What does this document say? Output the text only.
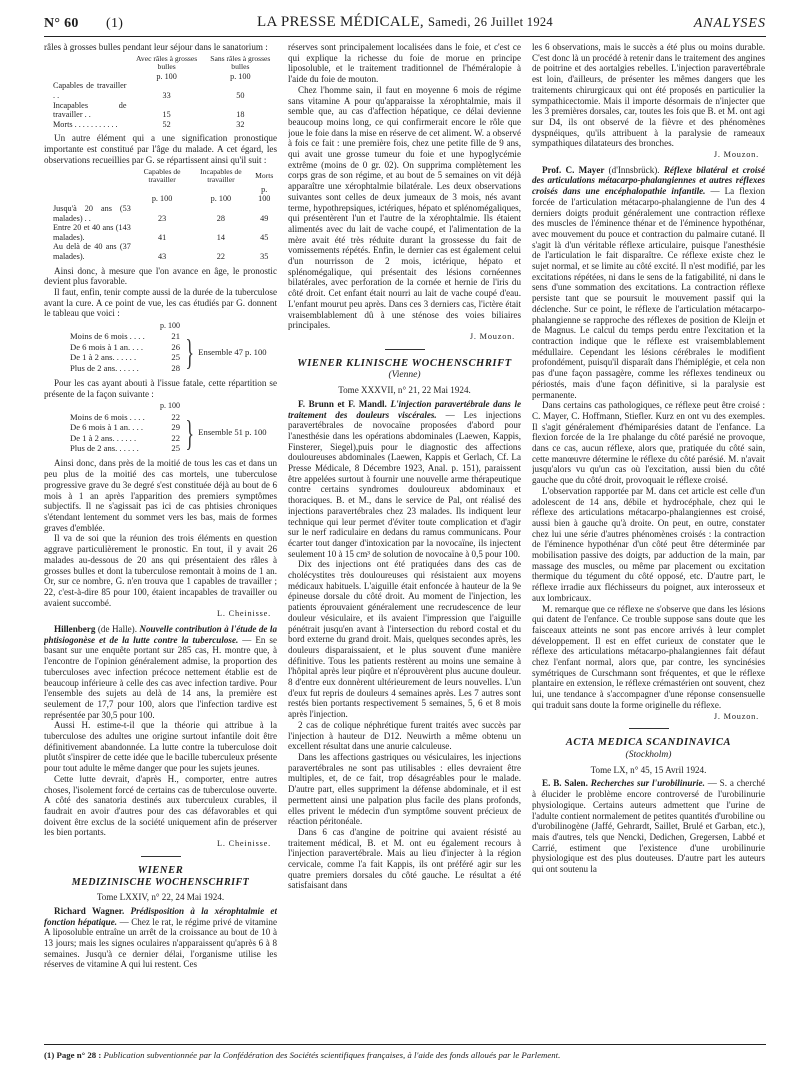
N° 60 (1)	LA PRESSE MÉDICALE, Samedi, 26 Juillet 1924	ANALYSES

râles à grosses bulles pendant leur séjour dans le sanatorium :

	Avec râles à grosses bulles	Sans râles à grosses bulles
	p. 100	p. 100
Capables de travailler . .	33	50
Incapables de travailler . .	15	18
Morts . . . . . . . . . . .	52	32

Un autre élément qui a une signification pronostique importante est constitué par l'âge du malade. A cet égard, les observations recueillies par G. se répartissent ainsi qu'il suit :

	Capables de travailler	Incapables de travailler	Morts
	p. 100	p. 100	p. 100
Jusqu'à 20 ans (53 malades) . .	23	28	49
Entre 20 et 40 ans (143 malades).	41	14	45
Au delà de 40 ans (37 malades).	43	22	35

Ainsi donc, à mesure que l'on avance en âge, le pronostic devient plus favorable.

Il faut, enfin, tenir compte aussi de la durée de la tuberculose avant la cure. A ce point de vue, les cas étudiés par G. donnent le tableau que voici :

p. 100
Moins de 6 mois . . . .	21
De 6 mois à 1 an. . . .	26
De 1 à 2 ans. . . . . .	25
Plus de 2 ans. . . . . .	28 } Ensemble 47 p. 100

Pour les cas ayant abouti à l'issue fatale, cette répartition se présente de la façon suivante :

p. 100
Moins de 6 mois . . . .	22
De 6 mois à 1 an. . . .	29
De 1 à 2 ans. . . . . .	22
Plus de 2 ans. . . . . .	25 } Ensemble 51 p. 100

Ainsi donc, dans près de la moitié de tous les cas et dans un peu plus de la moitié des cas mortels, une tuberculose progressive grave du 3e degré s'est constituée déjà au bout de 6 mois à 1 an après l'apparition des premiers symptômes subjectifs. Il ne s'agissait pas ici de cas phtisies chroniques s'étendant lentement du sommet vers les bas, mais de formes graves d'emblée.

Il va de soi que la réunion des trois éléments en question aggrave particulièrement le pronostic. En tout, il y avait 26 malades au-dessous de 20 ans qui présentaient des râles à grosses bulles et dont la tuberculose remontait à moins de 1 an. Or, sur ce nombre, G. n'en trouva que 1 capables de travailler ; 22, c'est-à-dire 85 pour 100, étaient incapables de travailler ou avaient succombé.

L. Cheinisse.

Hillenberg (de Halle). Nouvelle contribution à l'étude de la phtisiogonèse et de la lutte contre la tuberculose. — En se basant sur une enquête portant sur 285 cas, H. montre que, à l'encontre de l'opinion généralement admise, la proportion des tuberculoses avec infection précoce nettement établie est de beaucoup inférieure à celle des cas avec infection tardive. Pour l'ensemble des sujets au delà de 14 ans, la première est seulement de 17,7 pour 100, alors que l'infection tardive est représentée par 30,5 pour 100.

Aussi H. estime-t-il que la théorie qui attribue à la tuberculose des adultes une origine surtout infantile doit être définitivement abandonnée. La lutte contre la tuberculose doit plutôt s'inspirer de cette idée que le bacille tuberculeux présente pour tout adulte le même danger que pour les sujets jeunes.

Cette lutte devrait, d'après H., comporter, entre autres choses, l'isolement forcé de certains cas de tuberculose ouverte. A côté des sanatoria destinés aux tuberculeux curables, il faudrait en avoir d'autres pour des cas défavorables et qui doivent être exclus de la société uniquement afin de préserver les bien portants.

L. Cheinisse.
WIENER
MEDIZINISCHE WOCHENSCHRIFT
Tome LXXIV, n° 22, 24 Mai 1924.

Richard Wagner. Prédisposition à la xérophtalmie et fonction hépatique. — Chez le rat, le régime privé de vitamine A liposoluble entraîne un arrêt de la croissance au bout de 10 à 13 jours; mais les signes oculaires n'apparaissent qu'après 6 à 8 semaines. Jusqu'à ce dernier délai, l'organisme utilise les réserves de vitamine A qui lui restent. Ces

réserves sont principalement localisées dans le foie, et c'est ce qui explique la richesse du foie de morue en principe liposoluble, et le traitement traditionnel de l'héméralopie à l'aide du foie de mouton.

Chez l'homme sain, il faut en moyenne 6 mois de régime sans vitamine A pour qu'apparaisse la xérophtalmie, mais il semble que, au cas d'affection hépatique, ce délai devienne beaucoup moins long, ce qui confirmerait encore le rôle que joue le foie dans la mise en réserve de cet aliment. W. a observé à fois ce fait : une première fois, chez une petite fille de 9 ans, qui avait une grosse tumeur du foie et une hypoglycémie extrême (moins de 0 gr. 02). On supprima complètement les corps gras de son régime, et au bout de 5 semaines on vit déjà apparaître une xérophtalmie bilatérale. Les deux observations suivantes sont celles de deux jumeaux de 3 mois, nés avant terme, hypothrepsiques, ictériques, hépato et splénomégaliques, qui présentèrent l'un et l'autre de la xérophtalmie. Ils étaient alimentés avec du lait de vache coupé, et l'alimentation de la mère avait été très réduite durant la grossesse du fait de vomissements répétés. Enfin, le dernier cas est également celui d'un nourrisson de 2 mois, ictérique, hépato et splénomégalique, qui présentait des lésions cornéennes bilatérales, avec perforation de la cornée et hernie de l'iris du côté droit. Cet enfant était nourri au lait de vache coupé d'eau. L'enfant mourut peu après. Dans ces 3 derniers cas, l'ictère était vraisemblablement dû à une sténose des voies biliaires principales.

J. Mouzon.
WIENER KLINISCHE WOCHENSCHRIFT
(Vienne)
Tome XXXVII, n° 21, 22 Mai 1924.

F. Brunn et F. Mandl. L'injection paravertébrale dans le traitement des douleurs viscérales. — Les injections paravertébrales de novocaïne proposées d'abord pour l'anesthésie dans les opérations abdominales (Laewen, Kappis, Finsterer, Siegel),puis pour le diagnostic des affections douloureuses abdominales (Laewen, Kappis et Gerlach, Cf. La Presse Médicale, 8 Décembre 1923, Anal. p. 151), paraissent être appelées surtout à fournir une nouvelle arme thérapeutique contre certains syndromes douloureux abdominaux et thoraciques. B. et M., dans le service de Pal, ont réalisé des injections paravertébrales chez 23 malades. Ils indiquent leur technique qui leur permet d'éviter toute complication et d'agir sur le nerf radiculaire en dedans du ramus communicans. Pour écarter tout danger d'intoxication par la novocaïne, ils injectent seulement 10 à 15 cm³ de solution de novocaïne à 0,5 pour 100.

Dix des injections ont été pratiquées dans des cas de cholécystites très douloureuses qui résistaient aux moyens médicaux habituels. L'aiguille était enfoncée à hauteur de la 9e épineuse dorsale du côté droit. Au moment de l'injection, les patients éprouvaient généralement une recrudescence de leur douleur vésiculaire, et ils avaient l'impression que l'aiguille pénétrait jusqu'en avant à l'intersection du rebord costal et du bord externe du grand droit. Mais, quelques secondes après, les douleurs disparaissaient, et le plus souvent d'une manière définitive. Tous les patients restèrent au moins une semaine à l'hôpital après leur piqûre et n'éprouvèrent plus aucune douleur. 8 d'entre eux donnèrent ultérieurement de leurs nouvelles. L'un d'eux fut repris de douleurs 4 semaines après. Les 7 autres sont restés bien portants respectivement 5 semaines, 5, 6 et 8 mois après l'injection.

2 cas de colique néphrétique furent traités avec succès par l'injection à hauteur de D12. Neuwirth a même obtenu un excellent résultat dans une anurie calculeuse.

Dans les affections gastriques ou vésiculaires, les injections paravertébrales ne sont pas utilisables : elles devraient être multiples, et, de ce fait, trop désagréables pour le malade. D'autre part, elles suppriment la défense abdominale, et il est permettent ainsi une palpation plus facile des plans profonds, elles privent le médecin d'un symptôme souvent précieux de réaction péritonéale.

Dans 6 cas d'angine de poitrine qui avaient résisté au traitement médical, B. et M. ont eu également recours à l'injection paravertébrale. Mais au lieu d'injecter à la région cervicale, comme l'a fait Kappis, ils ont préféré agir sur les quatre premiers dorsales du côté gauche. Le résultat a été satisfaisant dans

les 6 observations, mais le succès a été plus ou moins durable. C'est donc là un procédé à retenir dans le traitement des angines de poitrine et des aortalgies rebelles. L'injection paravertébrale est loin, d'ailleurs, de présenter les mêmes dangers que les traitements chirurgicaux qui ont été proposés en particulier la sympathicectomie. Mais il importe désormais de n'injecter que les 3 premières dorsales, car, toutes les fois que B. et M. ont agi sur D4, ils ont observé de la fièvre et des phénomènes dyspnéiques, qu'ils attribuent à la paralysie de rameaux sympathiques dilatateurs des bronches.

J. Mouzon.

Prof. C. Mayer (d'Innsbrück). Réflexe bilatéral et croisé des articulations métacarpo-phalangiennes et autres réflexes croisés dans une encéphalopathie infantile. — La flexion forcée de l'articulation métacarpo-phalangienne de l'un des 4 derniers doigts produit généralement une contraction réflexe des muscles de l'éminence thénar et de l'éminence hypothénar, avec mouvement du pouce et contraction du palmaire cutané. Il s'agit là d'un véritable réflexe articulaire, puisque l'anesthésie de l'articulation le fait disparaître. Ce réflexe existe chez le sujet normal, et se limite au côté excité. Il n'est modifié, par les excitations répétées, ni dans le sens de la fatigabilité, ni dans le sens d'une sommation des excitations. La contraction réflexe persiste tant que se poursuit le mouvement passif qui la déclenche. Sur ce point, le réflexe de l'articulation métacarpo-phalangienne se rapproche des réflexes de position de Kleijn et de Magnus. Le calcul du temps perdu entre l'excitation et la contraction indique que le réflexe est vraisemblablement médullaire. Cependant les lésions cérébrales le modifient profondément, puisqu'il disparaît dans l'hémiplégie, et cela non pas d'une façon passagère, comme les réflexes tendineux ou périostés, mais d'une façon définitive, si la paralysie est permanente.

Dans certains cas pathologiques, ce réflexe peut être croisé : C. Mayer, C. Hoffmann, Stiefler. Kurz en ont vu des exemples. Il s'agit généralement d'hémiparésies datant de l'enfance. La flexion forcée de la 1re phalange du côté parésié ne provoque, dans ce cas, aucun réflexe, alors que, pratiquée du côté sain, cette manœuvre détermine le réflexe du côté parésié. M. n'avait jusqu'alors vu qu'un cas où l'excitation, aussi bien du côté gauche que du côté droit, provoquait le réflexe croisé.

L'observation rapportée par M. dans cet article est celle d'un adolescent de 14 ans, débile et hydrocéphale, chez qui le réflexe des articulations métacarpo-phalangiennes est croisé, aussi bien à gauche qu'à droite. On peut, en outre, constater chez lui une série d'autres phénomènes croisés : la contraction de l'éminence hypothénar d'un côté peut être déterminée par mobilisation passive des doigts, par adduction de la main, par massage des muscles, ou même par placement ou excitation thermique du tégument du côté opposé, etc. D'autre part, le réflexe irradie aux fléchisseurs du poignet, aux interosseux et aux lombricaux.

M. remarque que ce réflexe ne s'observe que dans les lésions qui datent de l'enfance. Ce trouble suppose sans doute que les faisceaux atteints ne sont pas encore arrivés à leur complet développement. Il est en effet curieux de constater que le réflexe des articulations métacarpo-phalangiennes fait défaut chez l'enfant normal, alors que, par contre, les syncinésies symétriques de Curschmann sont fréquentes, et que le réflexe plantaire en extension, le réflexe crémastérien ont souvent, chez lui, une tendance à s'accompagner d'une réponse consensuelle qui traduit sans doute la forme originelle du réflexe.

J. Mouzon.
ACTA MEDICA SCANDINAVICA
(Stockholm)
Tome LX, n° 45, 15 Avril 1924.

E. B. Salen. Recherches sur l'urobilinurie. — S. a cherché à élucider le problème encore controversé de l'urobilinurie physiologique. Certains auteurs admettent que l'urine de l'adulte contient normalement de petites quantités d'urobiline ou d'urobilinogène (Jaffé, Gehrardt, Saillet, Brulé et Garban, etc.), mais d'autres, tels que Nencki, Dedichen, Gregersen, Labbé et Carrié, estiment que l'existence d'une urobilinurie physiologique est des plus douteuses. D'autre part les auteurs qui ont soutenu la

(1) Page n° 28 : Publication subventionnée par la Confédération des Sociétés scientifiques françaises, à l'aide des fonds alloués par le Parlement.
